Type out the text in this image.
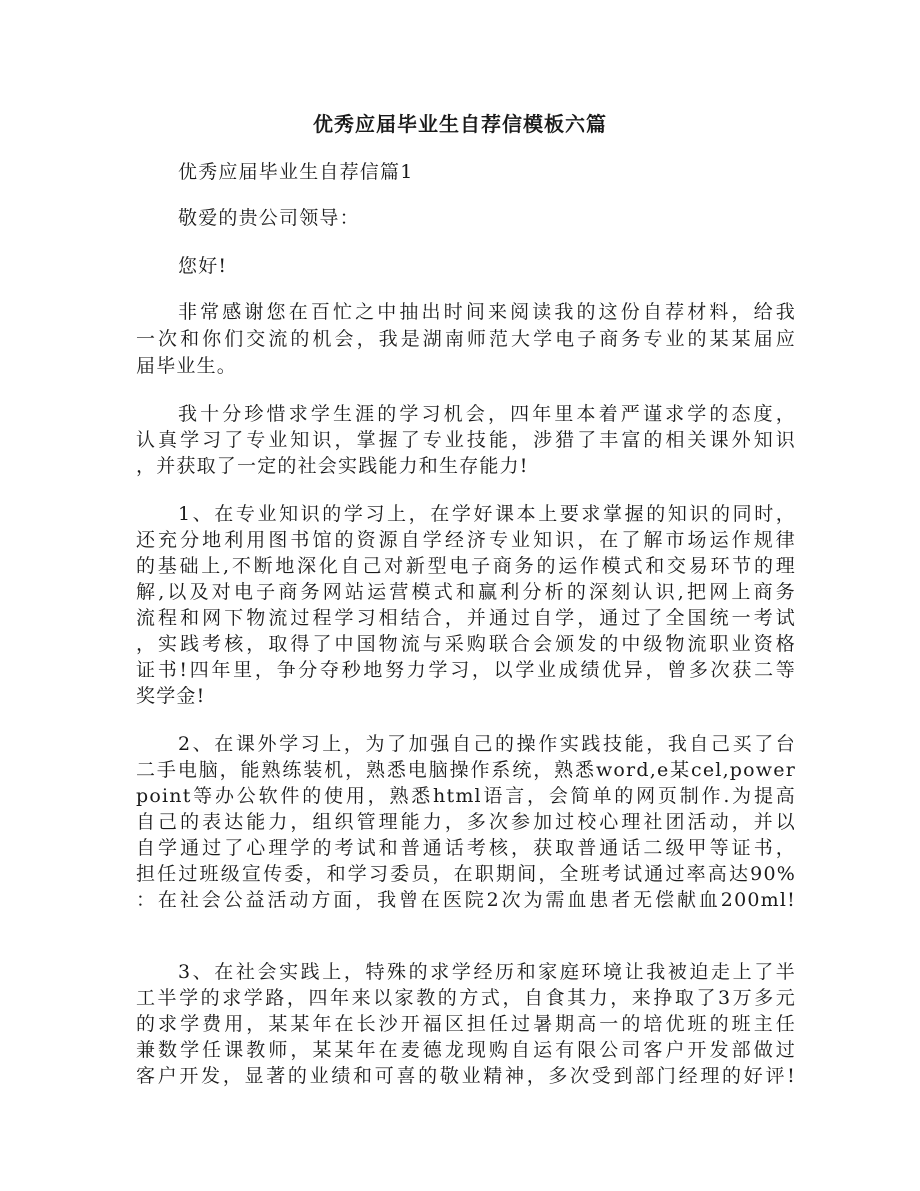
优秀应届毕业生自荐信模板六篇
优秀应届毕业生自荐信篇1
敬爱的贵公司领导：
您好!
非常感谢您在百忙之中抽出时间来阅读我的这份自荐材料，给我
一次和你们交流的机会，我是湖南师范大学电子商务专业的某某届应
届毕业生。
我十分珍惜求学生涯的学习机会，四年里本着严谨求学的态度，
认真学习了专业知识，掌握了专业技能，涉猎了丰富的相关课外知识
，并获取了一定的社会实践能力和生存能力!
1、在专业知识的学习上，在学好课本上要求掌握的知识的同时，
还充分地利用图书馆的资源自学经济专业知识，在了解市场运作规律
的基础上,不断地深化自己对新型电子商务的运作模式和交易环节的理
解,以及对电子商务网站运营模式和赢利分析的深刻认识,把网上商务
流程和网下物流过程学习相结合，并通过自学，通过了全国统一考试
，实践考核，取得了中国物流与采购联合会颁发的中级物流职业资格
证书!四年里，争分夺秒地努力学习，以学业成绩优异，曾多次获二等
奖学金!
2、在课外学习上，为了加强自己的操作实践技能，我自己买了台
二手电脑，能熟练装机，熟悉电脑操作系统，熟悉word,e某cel,power
point等办公软件的使用，熟悉html语言，会简单的网页制作.为提高
自己的表达能力，组织管理能力，多次参加过校心理社团活动，并以
自学通过了心理学的考试和普通话考核，获取普通话二级甲等证书，
担任过班级宣传委，和学习委员，在职期间，全班考试通过率高达90%
：在社会公益活动方面，我曾在医院2次为需血患者无偿献血200ml!
3、在社会实践上，特殊的求学经历和家庭环境让我被迫走上了半
工半学的求学路，四年来以家教的方式，自食其力，来挣取了3万多元
的求学费用，某某年在长沙开福区担任过暑期高一的培优班的班主任
兼数学任课教师，某某年在麦德龙现购自运有限公司客户开发部做过
客户开发，显著的业绩和可喜的敬业精神，多次受到部门经理的好评!
